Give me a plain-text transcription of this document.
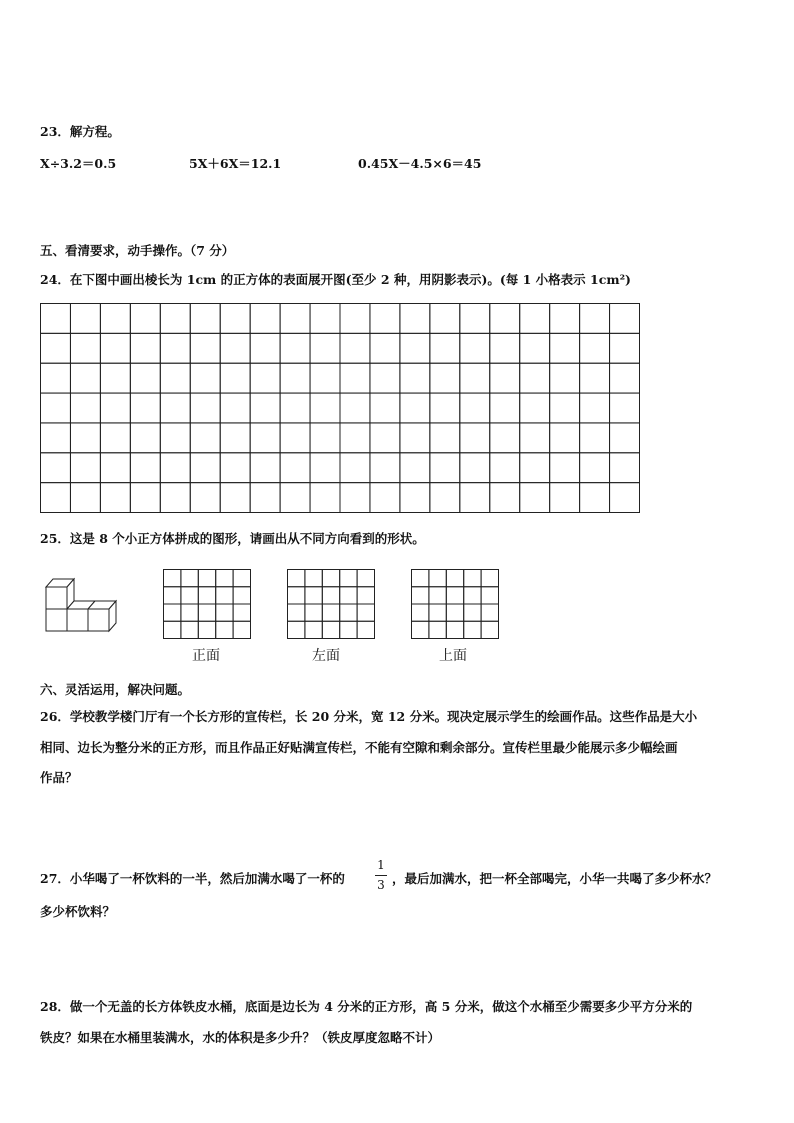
23．解方程。
X÷3.2＝0.5	5X＋6X＝12.1	0.45X－4.5×6＝45
五、看清要求，动手操作。（7 分）
24．在下图中画出棱长为 1cm 的正方体的表面展开图(至少 2 种，用阴影表示)。(每 1 小格表示 1cm²)
25．这是 8 个小正方体拼成的图形，请画出从不同方向看到的形状。
正面	左面	上面
六、灵活运用，解决问题。
26．学校教学楼门厅有一个长方形的宣传栏，长 20 分米，宽 12 分米。现决定展示学生的绘画作品。这些作品是大小
相同、边长为整分米的正方形，而且作品正好贴满宣传栏，不能有空隙和剩余部分。宣传栏里最少能展示多少幅绘画
作品？
27．小华喝了一杯饮料的一半，然后加满水喝了一杯的
1
3 ，最后加满水，把一杯全部喝完，小华一共喝了多少杯水？
多少杯饮料？
28．做一个无盖的长方体铁皮水桶，底面是边长为 4 分米的正方形，高 5 分米，做这个水桶至少需要多少平方分米的
铁皮？如果在水桶里装满水，水的体积是多少升？（铁皮厚度忽略不计）
